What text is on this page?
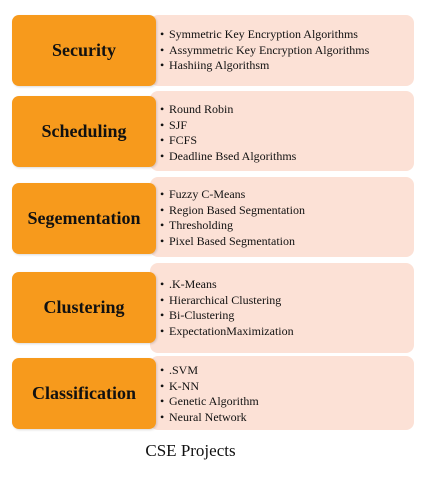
• Symmetric Key Encryption Algorithms
• Assymmetric Key Encryption Algorithms
• Hashiing Algorithsm
Security
• Round Robin
• SJF
• FCFS
• Deadline Bsed Algorithms
Scheduling
• Fuzzy C-Means
• Region Based Segmentation
• Thresholding
• Pixel Based Segmentation
Segementation
• .K-Means
• Hierarchical Clustering
• Bi-Clustering
• ExpectationMaximization
Clustering
• .SVM
• K-NN
• Genetic Algorithm
• Neural Network
Classification
CSE Projects
